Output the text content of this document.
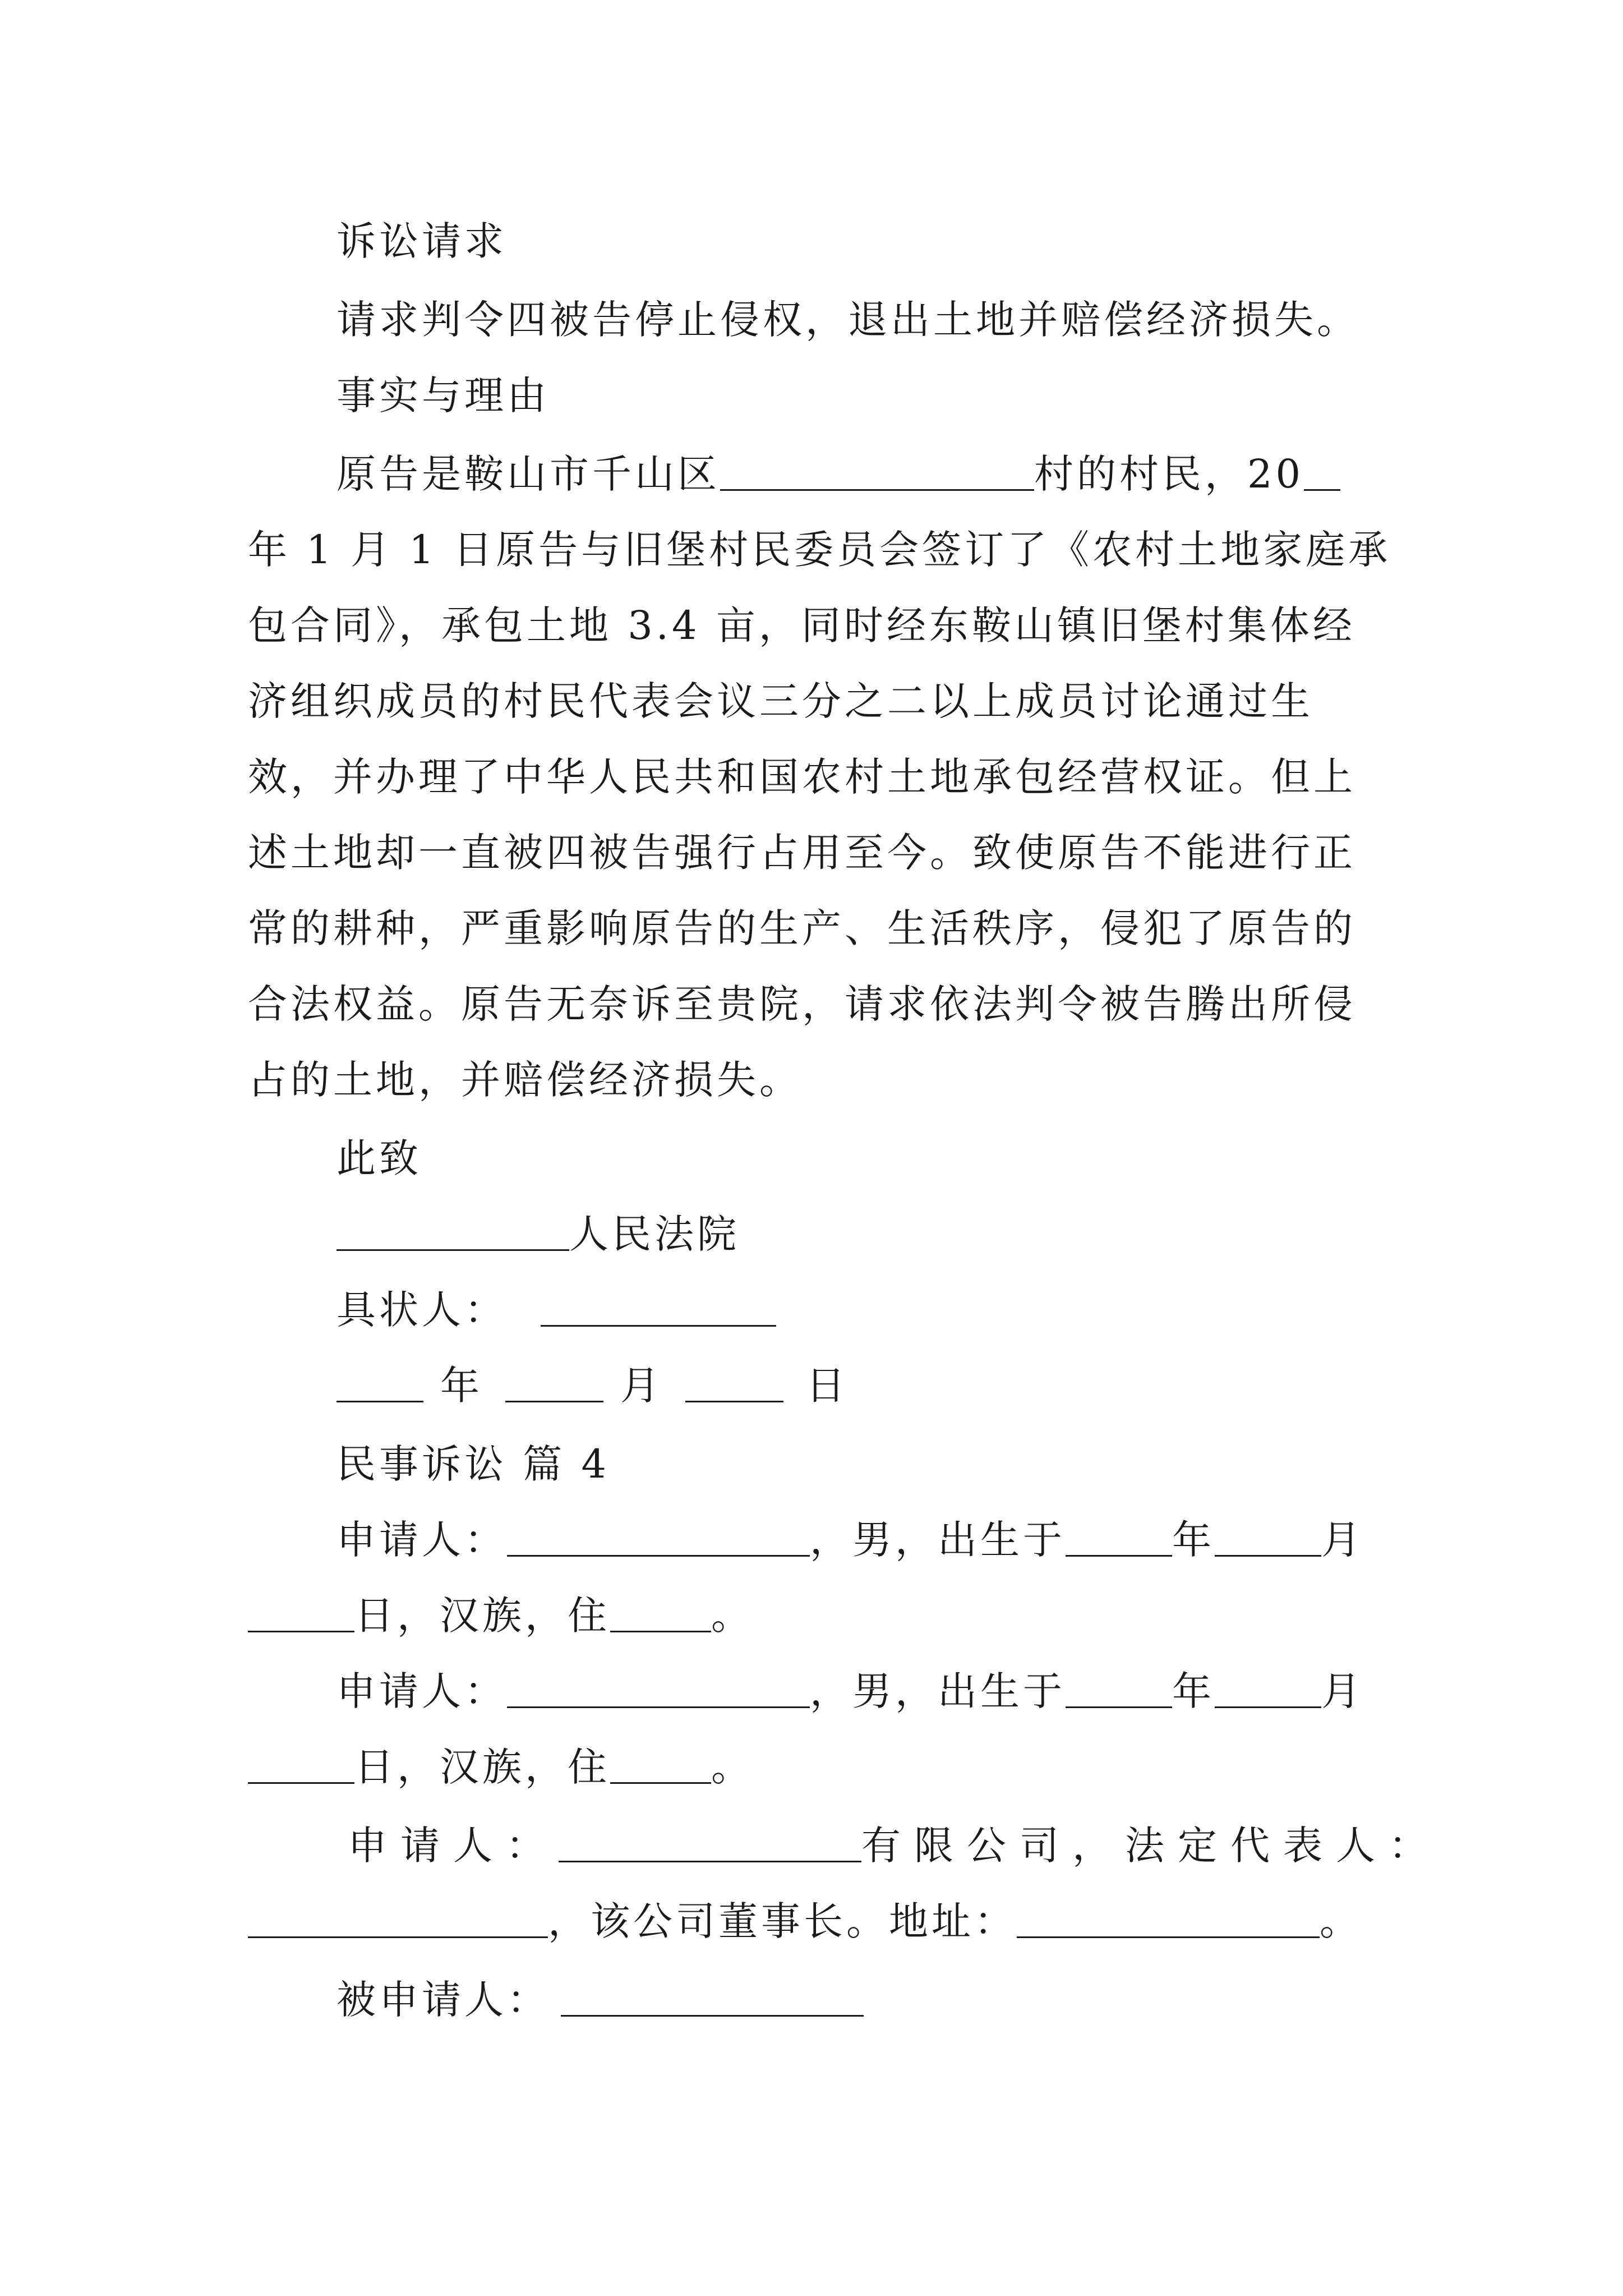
诉讼请求
请求判令四被告停止侵权，退出土地并赔偿经济损失。
事实与理由
原告是鞍山市千山区	村的村民，20
年 1 月 1 日原告与旧堡村民委员会签订了《农村土地家庭承
包合同》，承包土地 3.4 亩，同时经东鞍山镇旧堡村集体经
济组织成员的村民代表会议三分之二以上成员讨论通过生
效，并办理了中华人民共和国农村土地承包经营权证。但上
述土地却一直被四被告强行占用至今。致使原告不能进行正
常的耕种，严重影响原告的生产、生活秩序，侵犯了原告的
合法权益。原告无奈诉至贵院，请求依法判令被告腾出所侵
占的土地，并赔偿经济损失。
此致
人民法院
具状人：
年	月	日
民事诉讼 篇 4
申请人：	，男，出生于	年	月
日，汉族，住	。
申请人：	，男，出生于	年	月
日，汉族，住	。
申请人：	有限公司，法定代表人：
，该公司董事长。地址：	。
被申请人：
